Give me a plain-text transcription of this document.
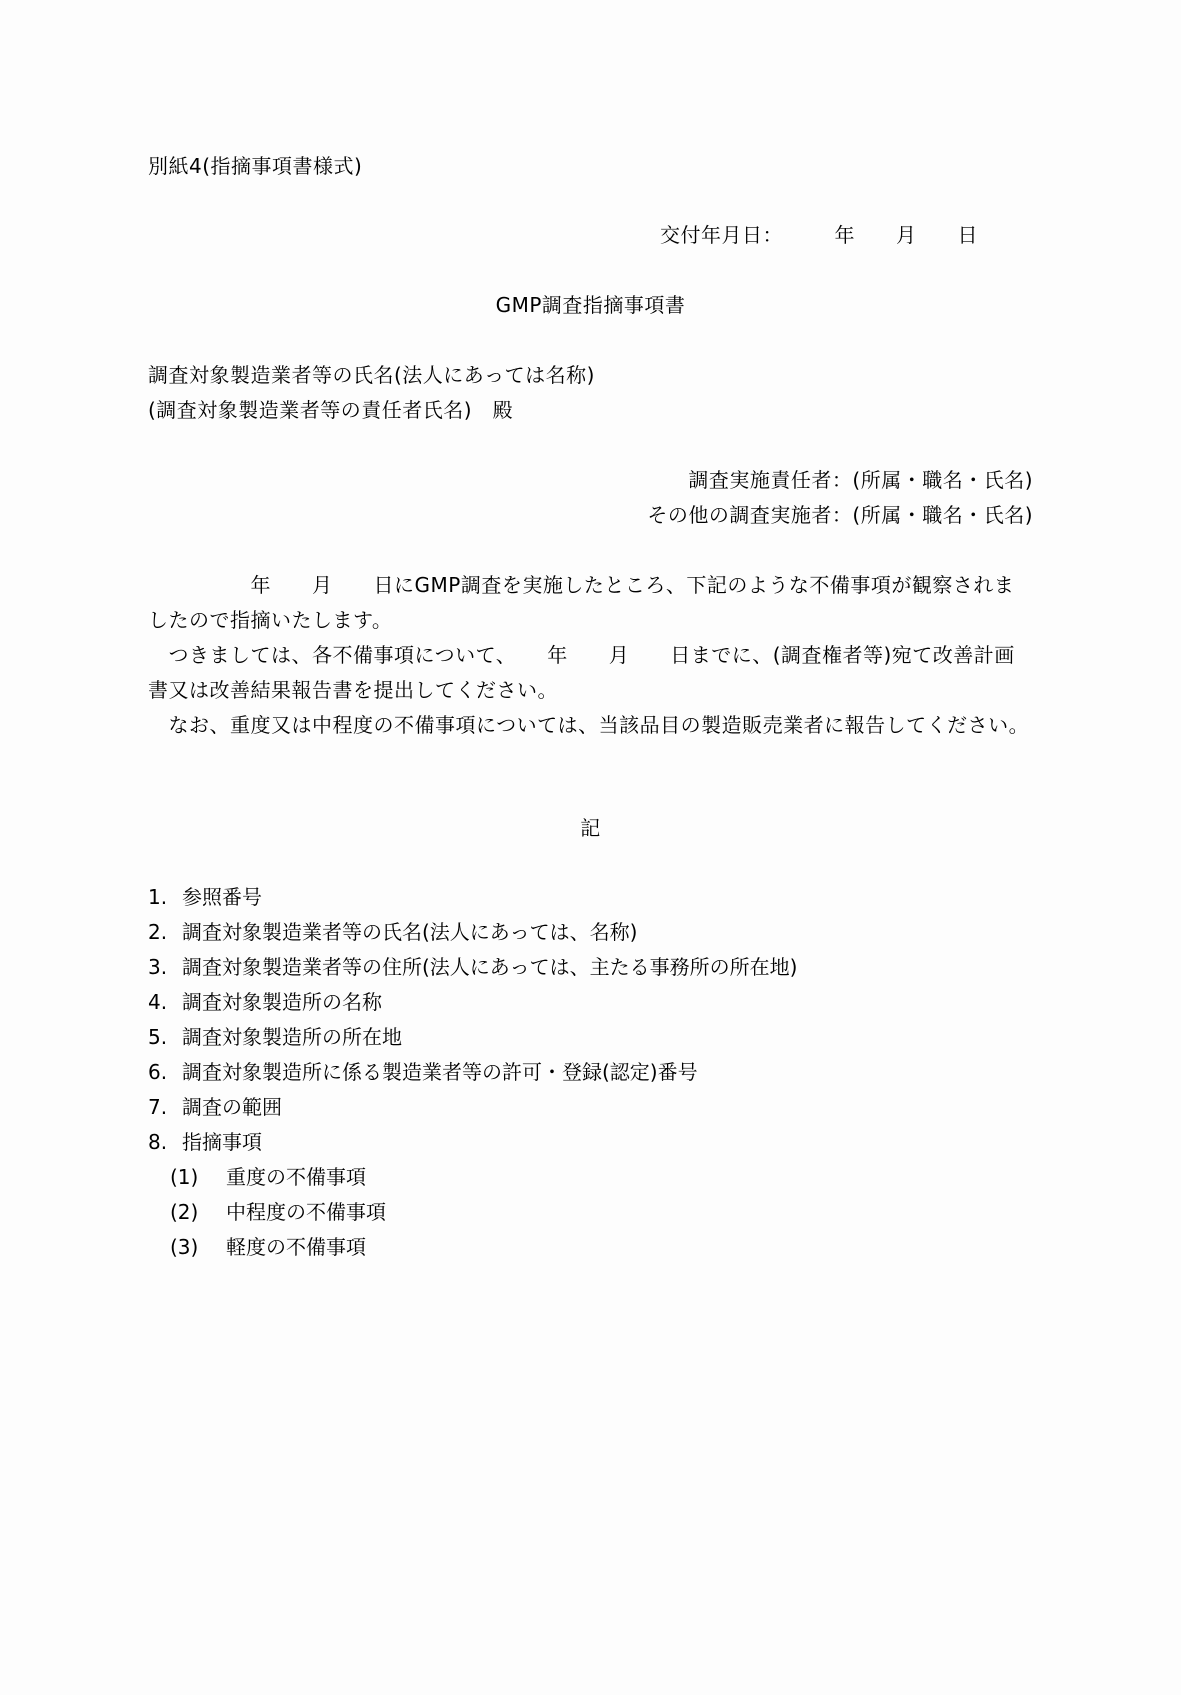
別紙4(指摘事項書様式)
交付年月日：　　　年　　月　　日
GMP調査指摘事項書
調査対象製造業者等の氏名(法人にあっては名称)
(調査対象製造業者等の責任者氏名)　殿
調査実施責任者：(所属・職名・氏名)
その他の調査実施者：(所属・職名・氏名)
　　　　　年　　月　　日にGMP調査を実施したところ、下記のような不備事項が観察されましたので指摘いたします。
　つきましては、各不備事項について、　　年　　月　　日までに、(調査権者等)宛て改善計画書又は改善結果報告書を提出してください。
　なお、重度又は中程度の不備事項については、当該品目の製造販売業者に報告してください。
記
1. 参照番号
2. 調査対象製造業者等の氏名(法人にあっては、名称)
3. 調査対象製造業者等の住所(法人にあっては、主たる事務所の所在地)
4. 調査対象製造所の名称
5. 調査対象製造所の所在地
6. 調査対象製造所に係る製造業者等の許可・登録(認定)番号
7. 調査の範囲
8. 指摘事項
(1) 重度の不備事項
(2) 中程度の不備事項
(3) 軽度の不備事項
